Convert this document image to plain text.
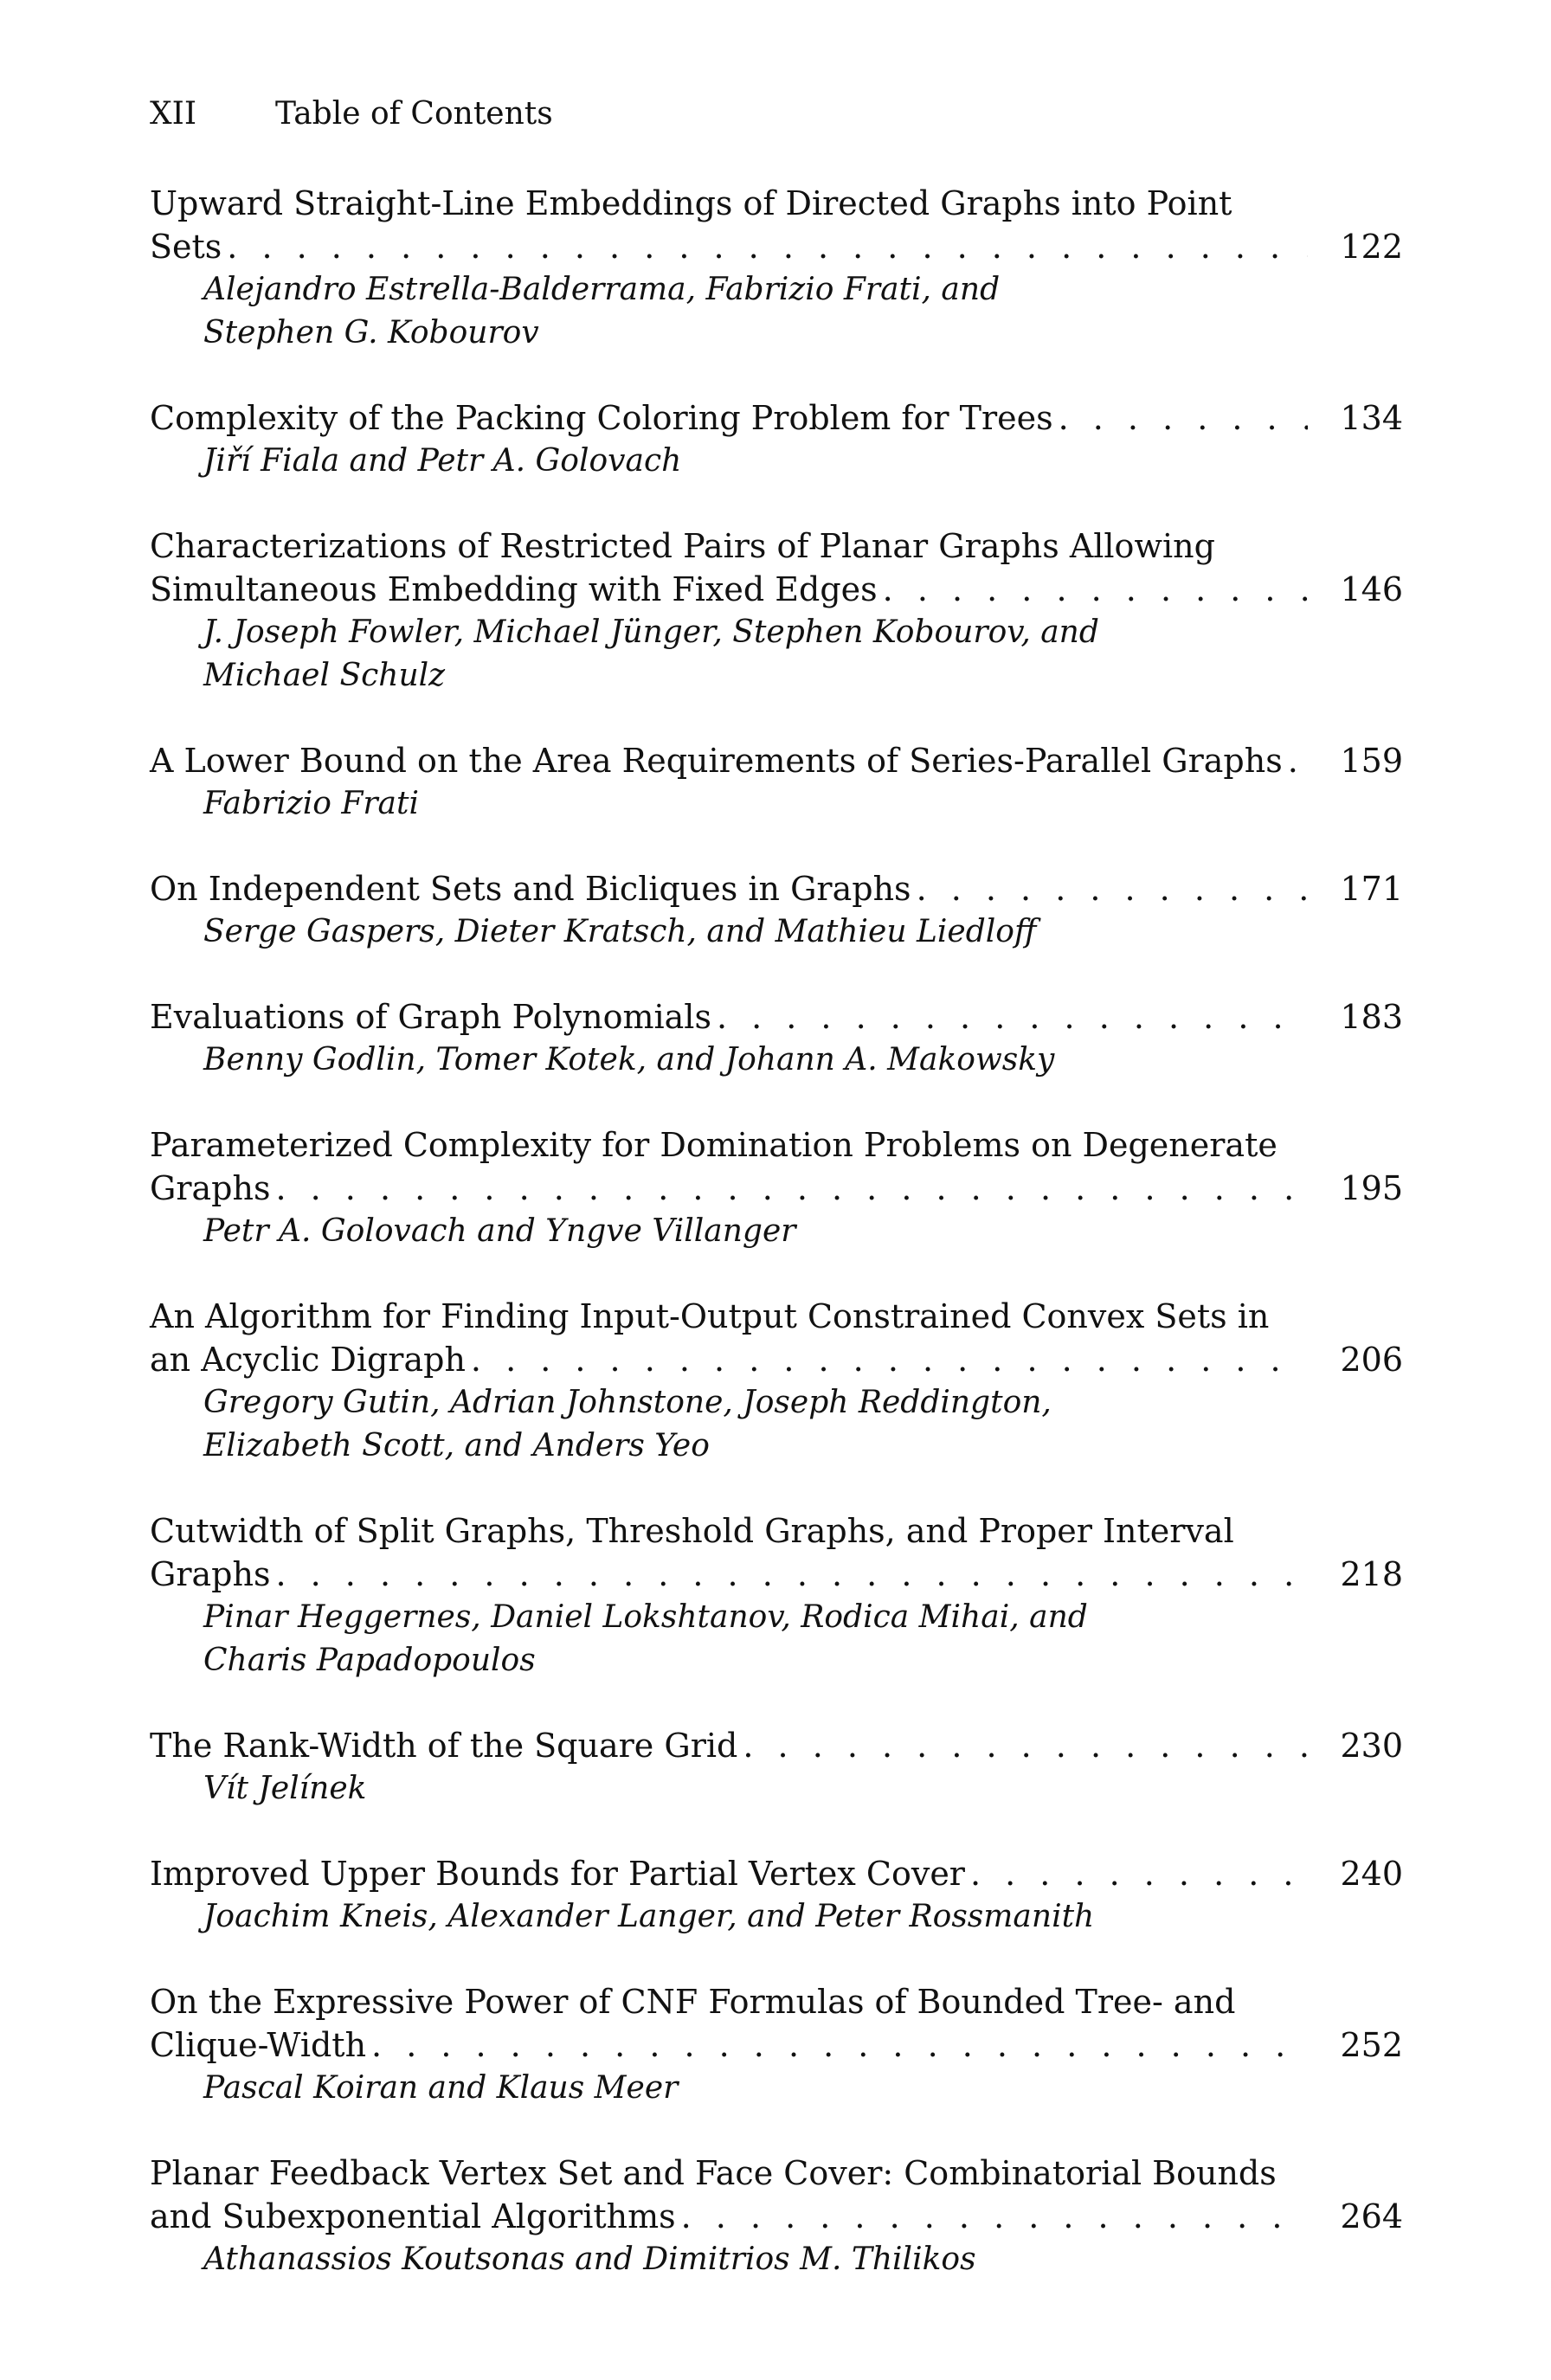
XII	Table of Contents
Upward Straight-Line Embeddings of Directed Graphs into Point
Sets . . .	122
Alejandro Estrella-Balderrama, Fabrizio Frati, and
Stephen G. Kobourov
Complexity of the Packing Coloring Problem for Trees . . .	134
Jiří Fiala and Petr A. Golovach
Characterizations of Restricted Pairs of Planar Graphs Allowing
Simultaneous Embedding with Fixed Edges . . .	146
J. Joseph Fowler, Michael Jünger, Stephen Kobourov, and
Michael Schulz
A Lower Bound on the Area Requirements of Series-Parallel Graphs . . .	159
Fabrizio Frati
On Independent Sets and Bicliques in Graphs . . .	171
Serge Gaspers, Dieter Kratsch, and Mathieu Liedloff
Evaluations of Graph Polynomials . . .	183
Benny Godlin, Tomer Kotek, and Johann A. Makowsky
Parameterized Complexity for Domination Problems on Degenerate
Graphs . . .	195
Petr A. Golovach and Yngve Villanger
An Algorithm for Finding Input-Output Constrained Convex Sets in
an Acyclic Digraph . . .	206
Gregory Gutin, Adrian Johnstone, Joseph Reddington,
Elizabeth Scott, and Anders Yeo
Cutwidth of Split Graphs, Threshold Graphs, and Proper Interval
Graphs . . .	218
Pinar Heggernes, Daniel Lokshtanov, Rodica Mihai, and
Charis Papadopoulos
The Rank-Width of the Square Grid . . .	230
Vít Jelínek
Improved Upper Bounds for Partial Vertex Cover . . .	240
Joachim Kneis, Alexander Langer, and Peter Rossmanith
On the Expressive Power of CNF Formulas of Bounded Tree- and
Clique-Width . . .	252
Pascal Koiran and Klaus Meer
Planar Feedback Vertex Set and Face Cover: Combinatorial Bounds
and Subexponential Algorithms . . .	264
Athanassios Koutsonas and Dimitrios M. Thilikos
